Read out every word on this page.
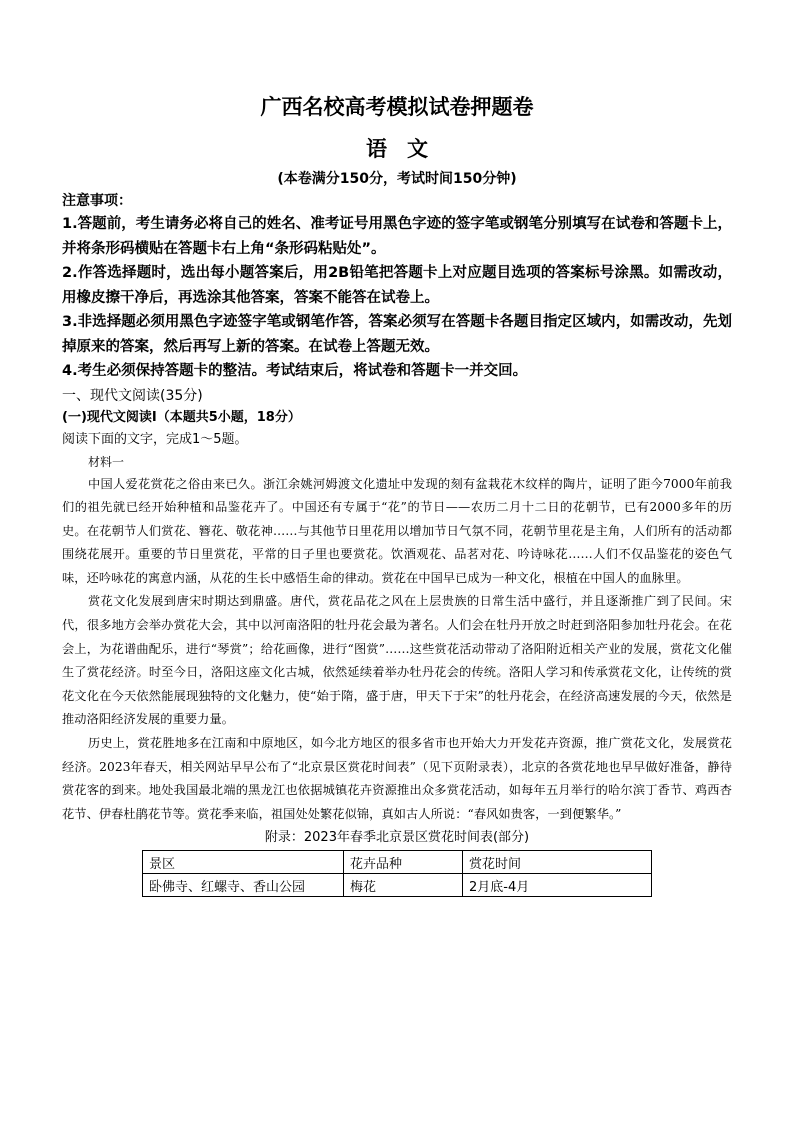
广西名校高考模拟试卷押题卷
语文
(本卷满分150分，考试时间150分钟)
注意事项：
1.答题前，考生请务必将自己的姓名、准考证号用黑色字迹的签字笔或钢笔分别填写在试卷和答题卡上，并将条形码横贴在答题卡右上角“条形码粘贴处”。
2.作答选择题时，选出每小题答案后，用2B铅笔把答题卡上对应题目选项的答案标号涂黑。如需改动，用橡皮擦干净后，再选涂其他答案，答案不能答在试卷上。
3.非选择题必须用黑色字迹签字笔或钢笔作答，答案必须写在答题卡各题目指定区域内，如需改动，先划掉原来的答案，然后再写上新的答案。在试卷上答题无效。
4.考生必须保持答题卡的整洁。考试结束后，将试卷和答题卡一并交回。
一、现代文阅读(35分)
(一)现代文阅读Ⅰ（本题共5小题，18分）
阅读下面的文字，完成1～5题。
材料一
中国人爱花赏花之俗由来已久。浙江余姚河姆渡文化遗址中发现的刻有盆栽花木纹样的陶片，证明了距今7000年前我们的祖先就已经开始种植和品鉴花卉了。中国还有专属于“花”的节日——农历二月十二日的花朝节，已有2000多年的历史。在花朝节人们赏花、簪花、敬花神……与其他节日里花用以增加节日气氛不同，花朝节里花是主角，人们所有的活动都围绕花展开。重要的节日里赏花，平常的日子里也要赏花。饮酒观花、品茗对花、吟诗咏花……人们不仅品鉴花的姿色气味，还吟咏花的寓意内涵，从花的生长中感悟生命的律动。赏花在中国早已成为一种文化，根植在中国人的血脉里。
赏花文化发展到唐宋时期达到鼎盛。唐代，赏花品花之风在上层贵族的日常生活中盛行，并且逐渐推广到了民间。宋代，很多地方会举办赏花大会，其中以河南洛阳的牡丹花会最为著名。人们会在牡丹开放之时赶到洛阳参加牡丹花会。在花会上，为花谱曲配乐，进行“琴赏”；给花画像，进行“图赏”……这些赏花活动带动了洛阳附近相关产业的发展，赏花文化催生了赏花经济。时至今日，洛阳这座文化古城，依然延续着举办牡丹花会的传统。洛阳人学习和传承赏花文化，让传统的赏花文化在今天依然能展现独特的文化魅力，使“始于隋，盛于唐，甲天下于宋”的牡丹花会，在经济高速发展的今天，依然是推动洛阳经济发展的重要力量。
历史上，赏花胜地多在江南和中原地区，如今北方地区的很多省市也开始大力开发花卉资源，推广赏花文化，发展赏花经济。2023年春天，相关网站早早公布了“北京景区赏花时间表”（见下页附录表），北京的各赏花地也早早做好准备，静待赏花客的到来。地处我国最北端的黑龙江也依据城镇花卉资源推出众多赏花活动，如每年五月举行的哈尔滨丁香节、鸡西杏花节、伊春杜鹃花节等。赏花季来临，祖国处处繁花似锦，真如古人所说：“春风如贵客，一到便繁华。”
附录：2023年春季北京景区赏花时间表(部分)
景区	花卉品种	赏花时间
卧佛寺、红螺寺、香山公园	梅花	2月底-4月
